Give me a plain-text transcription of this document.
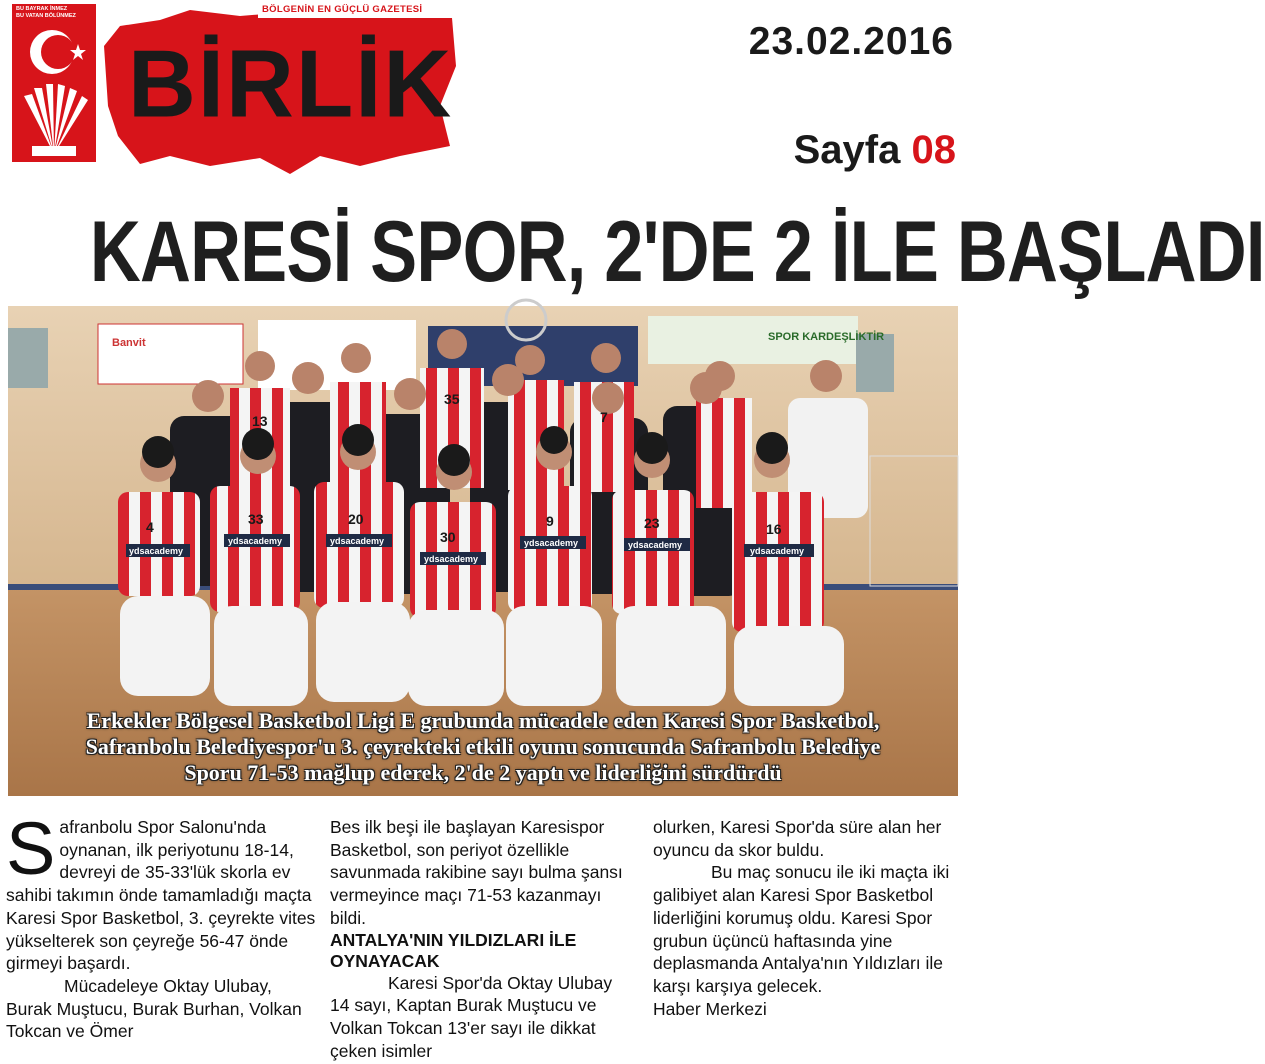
BU BAYRAK İNMEZ
BU VATAN BÖLÜNMEZ
BÖLGENİN EN GÜÇLÜ GAZETESİ
BİRLİK	23.02.2016
Sayfa 08
KARESİ SPOR, 2'DE 2 İLE BAŞLADI
ydsacademy
ydsacademy	ydsacademy
ydsacademy
ydsacademy	ydsacademy
ydsacademy
4	33	20
30
9	23	16
13
35
7
Banvit	SPOR KARDEŞLİKTİR
Erkekler Bölgesel Basketbol Ligi E grubunda mücadele eden Karesi Spor Basketbol,
Safranbolu Belediyespor'u 3. çeyrekteki etkili oyunu sonucunda Safranbolu Belediye
Sporu 71-53 mağlup ederek, 2'de 2 yaptı ve liderliğini sürdürdü

Safranbolu Spor Salonu'nda oynanan, ilk periyotunu 18-14, devreyi de 35-33'lük skorla ev sahibi takımın önde tamamladığı maçta Karesi Spor Basketbol, 3. çeyrekte vites yükselterek son çeyreğe 56-47 önde girmeyi başardı.

Mücadeleye Oktay Ulubay, Burak Muştucu, Burak Burhan, Volkan Tokcan ve Ömer

Bes ilk beşi ile başlayan Karesispor Basketbol, son periyot özellikle savunmada rakibine sayı bulma şansı vermeyince maçı 71-53 kazanmayı bildi.

ANTALYA'NIN YILDIZLARI İLE OYNAYACAK

Karesi Spor'da Oktay Ulubay 14 sayı, Kaptan Burak Muştucu ve Volkan Tokcan 13'er sayı ile dikkat çeken isimler

olurken, Karesi Spor'da süre alan her oyuncu da skor buldu.

Bu maç sonucu ile iki maçta iki galibiyet alan Karesi Spor Basketbol liderliğini korumuş oldu. Karesi Spor grubun üçüncü haftasında yine deplasmanda Antalya'nın Yıldızları ile karşı karşıya gelecek.

Haber Merkezi
